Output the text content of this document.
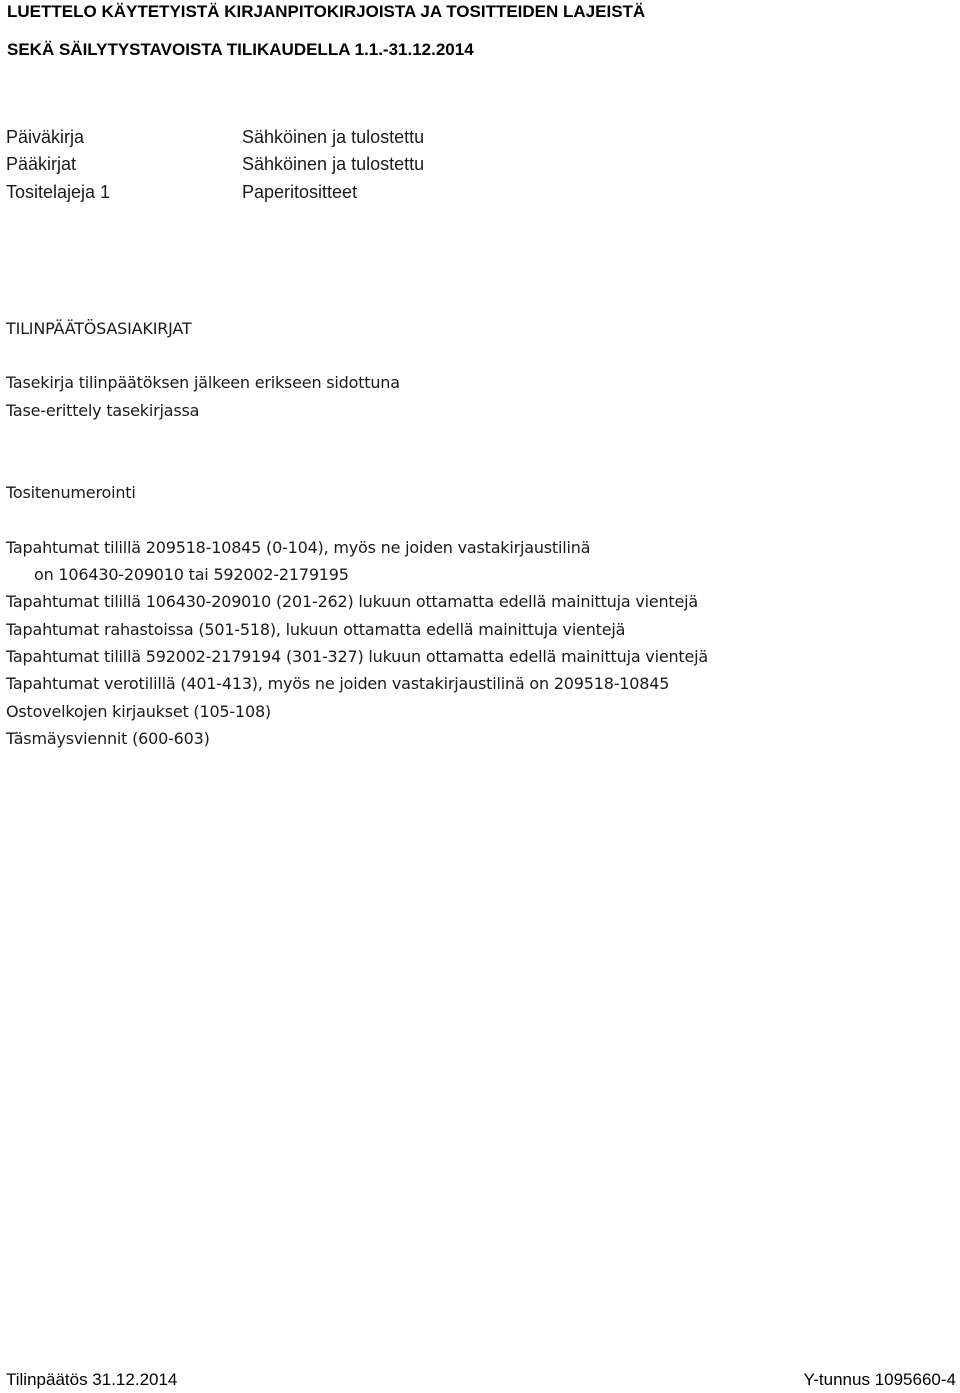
LUETTELO KÄYTETYISTÄ KIRJANPITOKIRJOISTA JA TOSITTEIDEN LAJEISTÄ
SEKÄ SÄILYTYSTAVOISTA TILIKAUDELLA 1.1.-31.12.2014
Päiväkirja	Sähköinen ja tulostettu
Pääkirjat	Sähköinen ja tulostettu
Tositelajeja 1	Paperitositteet
TILINPÄÄTÖSASIAKIRJAT
Tasekirja tilinpäätöksen jälkeen erikseen sidottuna
Tase-erittely tasekirjassa
Tositenumerointi
Tapahtumat tilillä 209518-10845 (0-104), myös ne joiden vastakirjaustilinä
on 106430-209010 tai 592002-2179195
Tapahtumat tilillä 106430-209010 (201-262) lukuun ottamatta edellä mainittuja vientejä
Tapahtumat rahastoissa (501-518), lukuun ottamatta edellä mainittuja vientejä
Tapahtumat tilillä 592002-2179194 (301-327) lukuun ottamatta edellä mainittuja vientejä
Tapahtumat verotilillä (401-413), myös ne joiden vastakirjaustilinä on 209518-10845
Ostovelkojen kirjaukset (105-108)
Täsmäysviennit (600-603)
Tilinpäätös 31.12.2014	Y-tunnus 1095660-4
